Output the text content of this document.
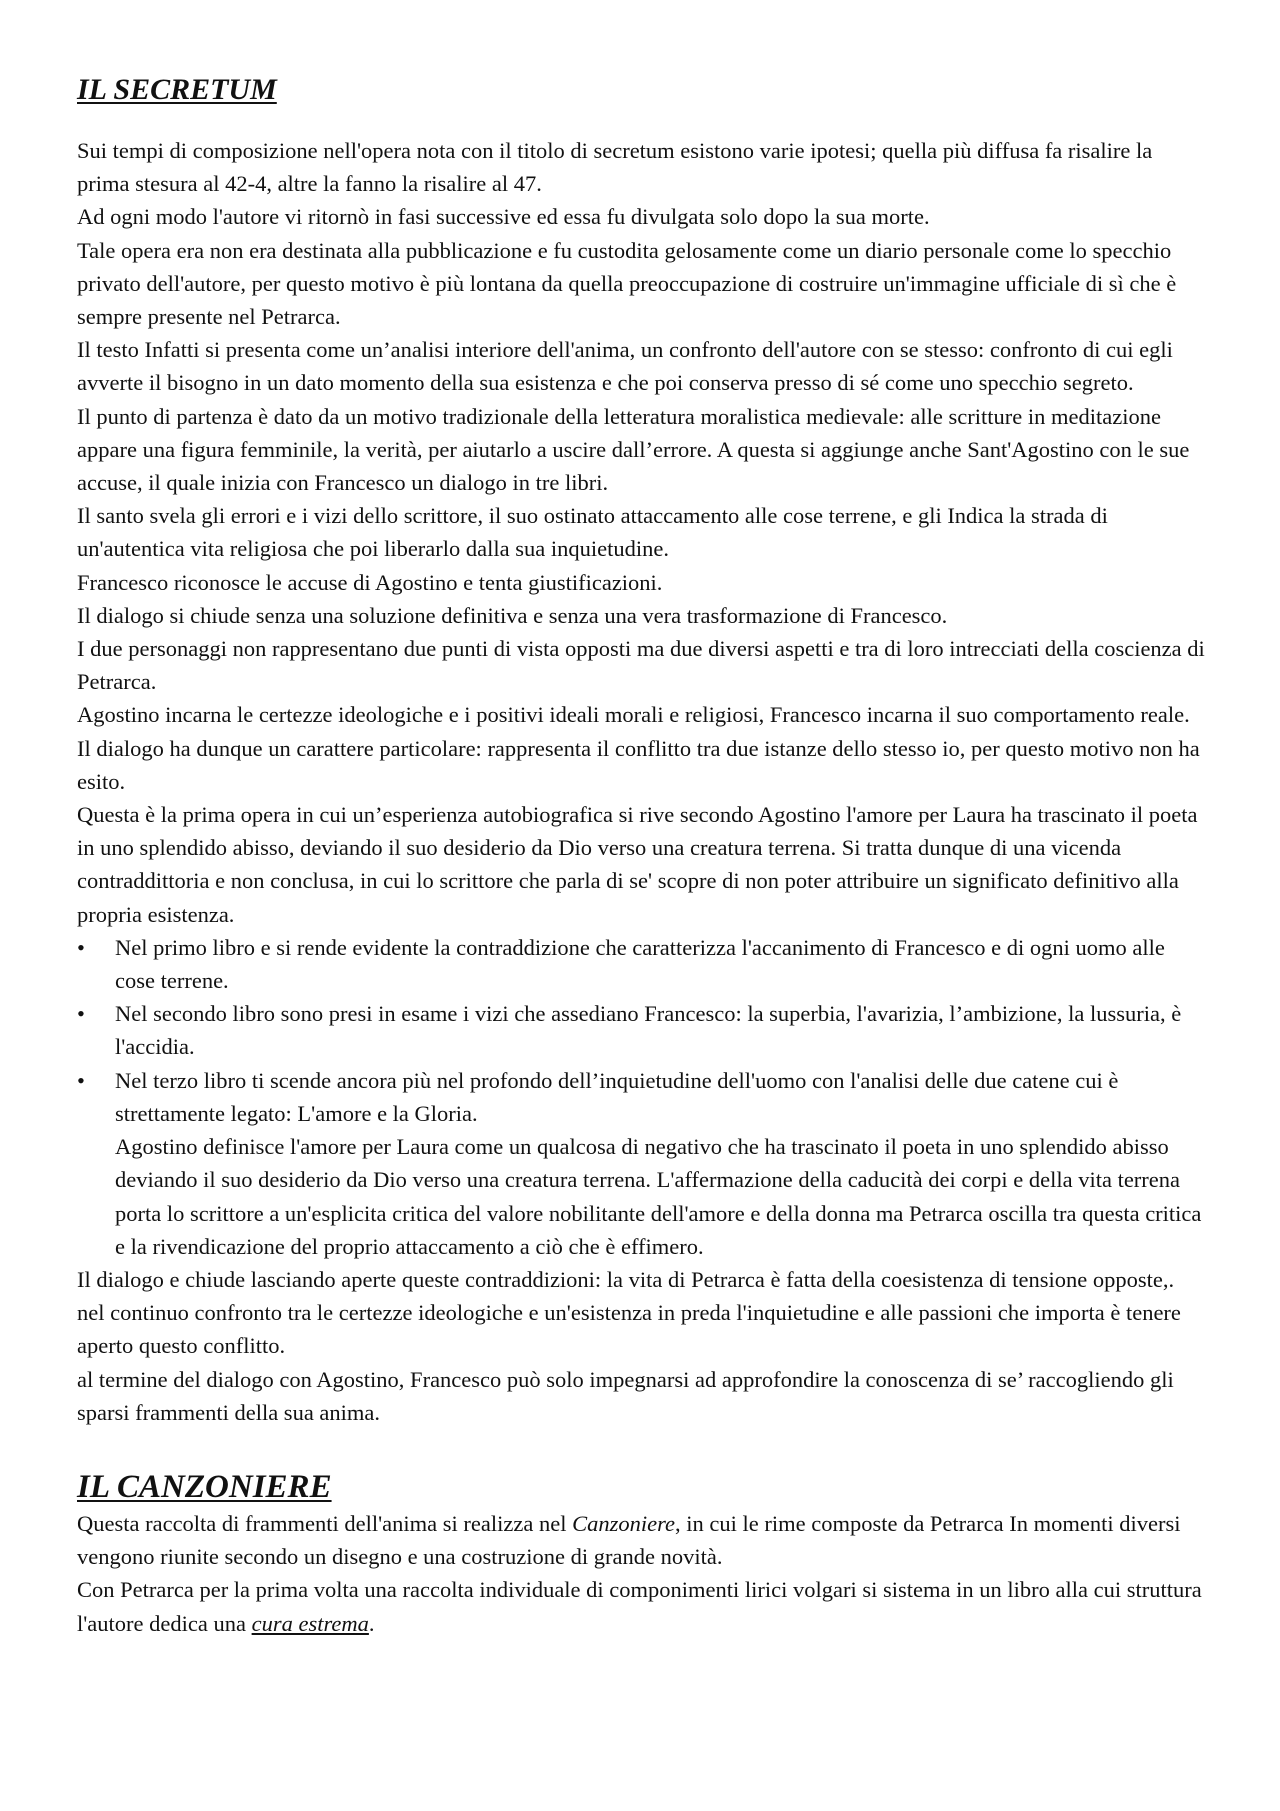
IL SECRETUM

Sui tempi di composizione nell'opera nota con il titolo di secretum esistono varie ipotesi; quella più diffusa fa risalire la prima stesura al 42-4, altre la fanno la risalire al 47.

Ad ogni modo l'autore vi ritornò in fasi successive ed essa fu divulgata solo dopo la sua morte.

Tale opera era non era destinata alla pubblicazione e fu custodita gelosamente come un diario personale come lo specchio privato dell'autore, per questo motivo è più lontana da quella preoccupazione di costruire un'immagine ufficiale di sì che è sempre presente nel Petrarca.

Il testo Infatti si presenta come un’analisi interiore dell'anima, un confronto dell'autore con se stesso: confronto di cui egli avverte il bisogno in un dato momento della sua esistenza e che poi conserva presso di sé come uno specchio segreto.

Il punto di partenza è dato da un motivo tradizionale della letteratura moralistica medievale: alle scritture in meditazione appare una figura femminile, la verità, per aiutarlo a uscire dall’errore. A questa si aggiunge anche Sant'Agostino con le sue accuse, il quale inizia con Francesco un dialogo in tre libri.

Il santo svela gli errori e i vizi dello scrittore, il suo ostinato attaccamento alle cose terrene, e gli Indica la strada di un'autentica vita religiosa che poi liberarlo dalla sua inquietudine.

Francesco riconosce le accuse di Agostino e tenta giustificazioni.

Il dialogo si chiude senza una soluzione definitiva e senza una vera trasformazione di Francesco.

I due personaggi non rappresentano due punti di vista opposti ma due diversi aspetti e tra di loro intrecciati della coscienza di Petrarca.

Agostino incarna le certezze ideologiche e i positivi ideali morali e religiosi, Francesco incarna il suo comportamento reale.

Il dialogo ha dunque un carattere particolare: rappresenta il conflitto tra due istanze dello stesso io, per questo motivo non ha esito.

Questa è la prima opera in cui un’esperienza autobiografica si rive secondo Agostino l'amore per Laura ha trascinato il poeta in uno splendido abisso, deviando il suo desiderio da Dio verso una creatura terrena. Si tratta dunque di una vicenda contraddittoria e non conclusa, in cui lo scrittore che parla di se' scopre di non poter attribuire un significato definitivo alla propria esistenza.

•	Nel primo libro e si rende evidente la contraddizione che caratterizza l'accanimento di Francesco e di ogni uomo alle cose terrene.
•	Nel secondo libro sono presi in esame i vizi che assediano Francesco: la superbia, l'avarizia, l’ambizione, la lussuria, è l'accidia.
•	Nel terzo libro ti scende ancora più nel profondo dell’inquietudine dell'uomo con l'analisi delle due catene cui è strettamente legato: L'amore e la Gloria.

Agostino definisce l'amore per Laura come un qualcosa di negativo che ha trascinato il poeta in uno splendido abisso deviando il suo desiderio da Dio verso una creatura terrena. L'affermazione della caducità dei corpi e della vita terrena porta lo scrittore a un'esplicita critica del valore nobilitante dell'amore e della donna ma Petrarca oscilla tra questa critica e la rivendicazione del proprio attaccamento a ciò che è effimero.

Il dialogo e chiude lasciando aperte queste contraddizioni: la vita di Petrarca è fatta della coesistenza di tensione opposte,. nel continuo confronto tra le certezze ideologiche e un'esistenza in preda l'inquietudine e alle passioni che importa è tenere aperto questo conflitto.

al termine del dialogo con Agostino, Francesco può solo impegnarsi ad approfondire la conoscenza di se’ raccogliendo gli sparsi frammenti della sua anima.

IL CANZONIERE

Questa raccolta di frammenti dell'anima si realizza nel Canzoniere, in cui le rime composte da Petrarca In momenti diversi vengono riunite secondo un disegno e una costruzione di grande novità.

Con Petrarca per la prima volta una raccolta individuale di componimenti lirici volgari si sistema in un libro alla cui struttura l'autore dedica una cura estrema.
